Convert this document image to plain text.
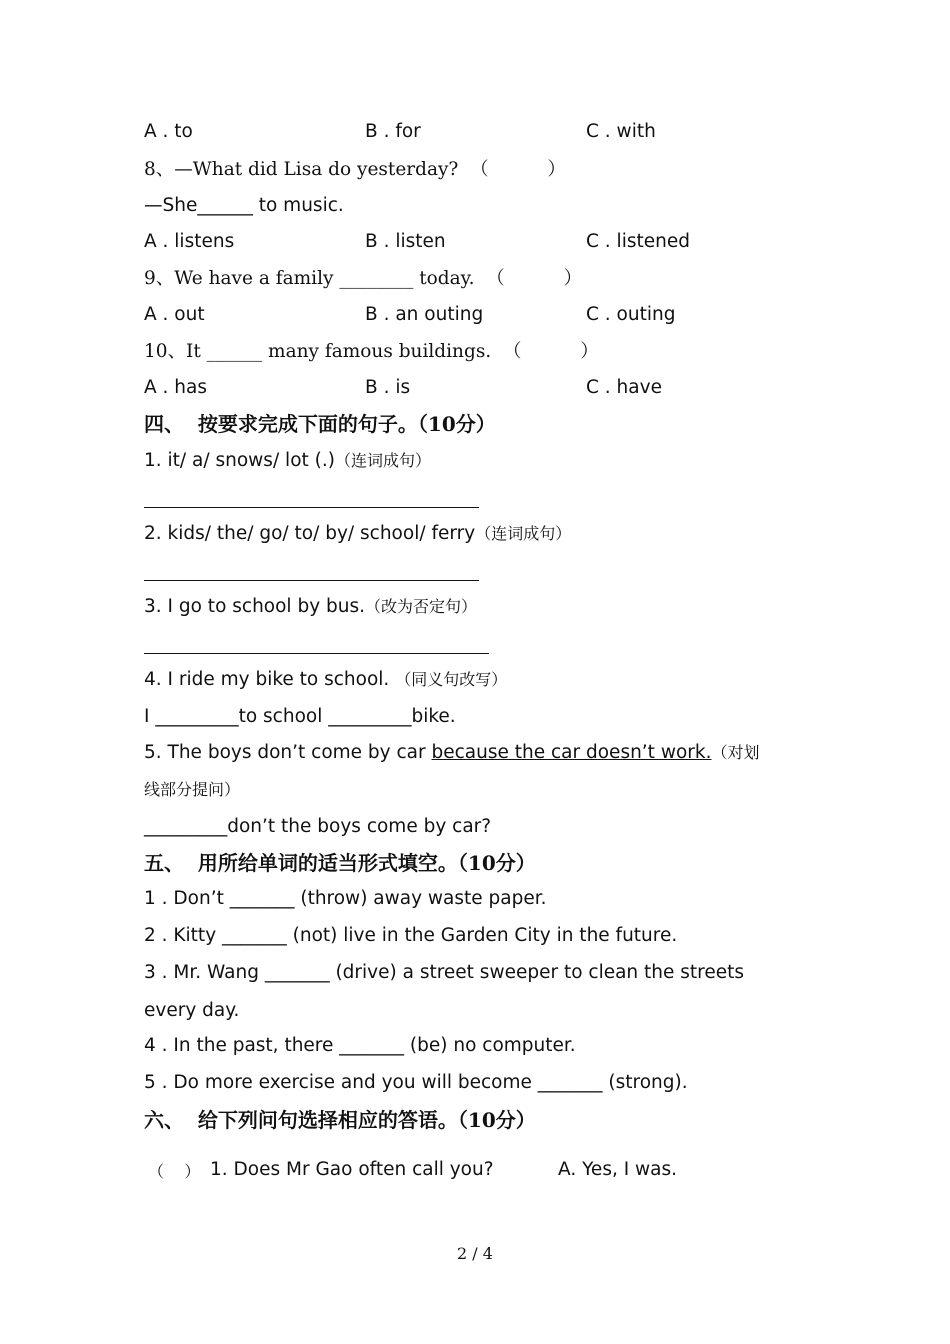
A . to	B . for	C . with
8、—What did Lisa do yesterday?  （          ）
—She______ to music.
A . listens	B . listen	C . listened
9、We have a family ________ today.  （          ）
A . out	B . an outing	C . outing
10、It ______ many famous buildings.  （          ）
A . has	B . is	C . have
四、  按要求完成下面的句子。（10分）
1. it/ a/ snows/ lot (.)（连词成句）
2. kids/ the/ go/ to/ by/ school/ ferry（连词成句）
3. I go to school by bus.（改为否定句）
4. I ride my bike to school. （同义句改写）
I _________to school _________bike.
5. The boys don’t come by car because the car doesn’t work.（对划
线部分提问）
_________don’t the boys come by car?
五、  用所给单词的适当形式填空。（10分）
1 . Don’t _______ (throw) away waste paper.
2 . Kitty _______ (not) live in the Garden City in the future.
3 . Mr. Wang _______ (drive) a street sweeper to clean the streets
every day.
4 . In the past, there _______ (be) no computer.
5 . Do more exercise and you will become _______ (strong).
六、  给下列问句选择相应的答语。（10分）
（    ） 1. Does Mr Gao often call you?	A. Yes, I was.
2 / 4
